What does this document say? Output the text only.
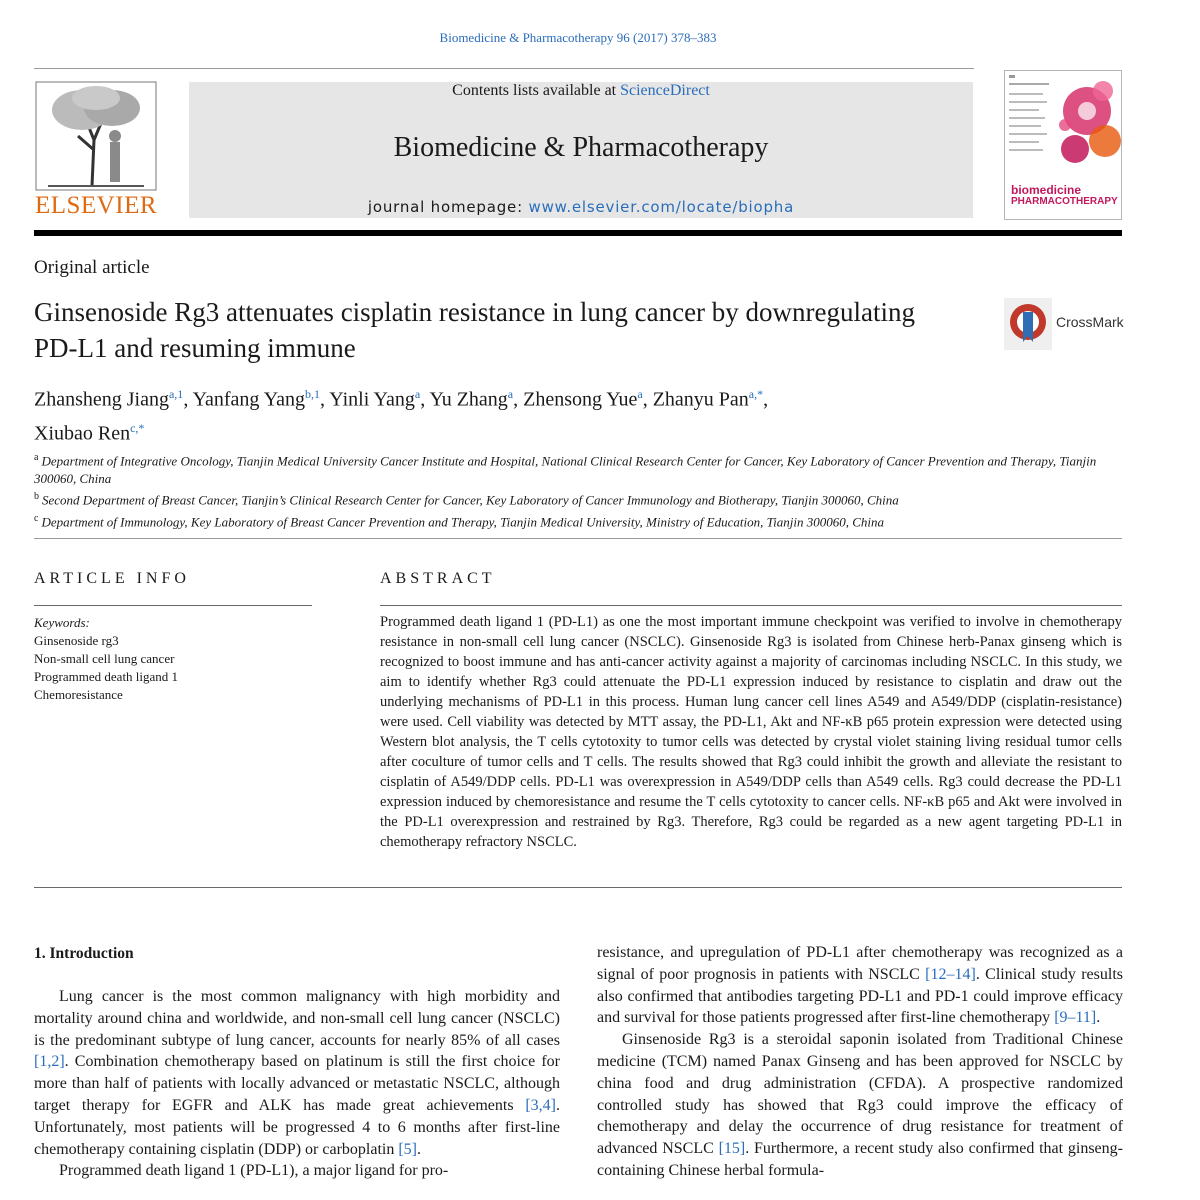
Biomedicine & Pharmacotherapy 96 (2017) 378–383
ELSEVIER
Contents lists available at ScienceDirect
Biomedicine & Pharmacotherapy
journal homepage: www.elsevier.com/locate/biopha
biomedicine
PHARMACOTHERAPY
Original article
Ginsenoside Rg3 attenuates cisplatin resistance in lung cancer by downregulating PD-L1 and resuming immune
CrossMark
Zhansheng Jiang$^{a,1}$, Yanfang Yang$^{b,1}$, Yinli Yang$^a$, Yu Zhang$^a$, Zhensong Yue$^a$, Zhanyu Pan$^{a,*}$,
Xiubao Ren$^{c,*}$
$^a$ Department of Integrative Oncology, Tianjin Medical University Cancer Institute and Hospital, National Clinical Research Center for Cancer, Key Laboratory of Cancer Prevention and Therapy, Tianjin 300060, China
$^b$ Second Department of Breast Cancer, Tianjin’s Clinical Research Center for Cancer, Key Laboratory of Cancer Immunology and Biotherapy, Tianjin 300060, China
$^c$ Department of Immunology, Key Laboratory of Breast Cancer Prevention and Therapy, Tianjin Medical University, Ministry of Education, Tianjin 300060, China
ARTICLE INFO	ABSTRACT
Keywords:
Ginsenoside rg3
Non-small cell lung cancer
Programmed death ligand 1
Chemoresistance
Programmed death ligand 1 (PD-L1) as one the most important immune checkpoint was verified to involve in chemotherapy resistance in non-small cell lung cancer (NSCLC). Ginsenoside Rg3 is isolated from Chinese herb-Panax ginseng which is recognized to boost immune and has anti-cancer activity against a majority of carcinomas including NSCLC. In this study, we aim to identify whether Rg3 could attenuate the PD-L1 expression induced by resistance to cisplatin and draw out the underlying mechanisms of PD-L1 in this process. Human lung cancer cell lines A549 and A549/DDP (cisplatin-resistance) were used. Cell viability was detected by MTT assay, the PD-L1, Akt and NF-κB p65 protein expression were detected using Western blot analysis, the T cells cytotoxity to tumor cells was detected by crystal violet staining living residual tumor cells after coculture of tumor cells and T cells. The results showed that Rg3 could inhibit the growth and alleviate the resistant to cisplatin of A549/DDP cells. PD-L1 was overexpression in A549/DDP cells than A549 cells. Rg3 could decrease the PD-L1 expression induced by chemoresistance and resume the T cells cytotoxity to cancer cells. NF-κB p65 and Akt were involved in the PD-L1 overexpression and restrained by Rg3. Therefore, Rg3 could be regarded as a new agent targeting PD-L1 in chemotherapy refractory NSCLC.
1. Introduction

Lung cancer is the most common malignancy with high morbidity and mortality around china and worldwide, and non-small cell lung cancer (NSCLC) is the predominant subtype of lung cancer, accounts for nearly 85% of all cases [1,2]. Combination chemotherapy based on platinum is still the first choice for more than half of patients with locally advanced or metastatic NSCLC, although target therapy for EGFR and ALK has made great achievements [3,4]. Unfortunately, most patients will be progressed 4 to 6 months after first-line chemotherapy containing cisplatin (DDP) or carboplatin [5].

Programmed death ligand 1 (PD-L1), a major ligand for pro-

resistance, and upregulation of PD-L1 after chemotherapy was recognized as a signal of poor prognosis in patients with NSCLC [12–14]. Clinical study results also confirmed that antibodies targeting PD-L1 and PD-1 could improve efficacy and survival for those patients progressed after first-line chemotherapy [9–11].

Ginsenoside Rg3 is a steroidal saponin isolated from Traditional Chinese medicine (TCM) named Panax Ginseng and has been approved for NSCLC by china food and drug administration (CFDA). A prospective randomized controlled study has showed that Rg3 could improve the efficacy of chemotherapy and delay the occurrence of drug resistance for treatment of advanced NSCLC [15]. Furthermore, a recent study also confirmed that ginseng-containing Chinese herbal formula-
